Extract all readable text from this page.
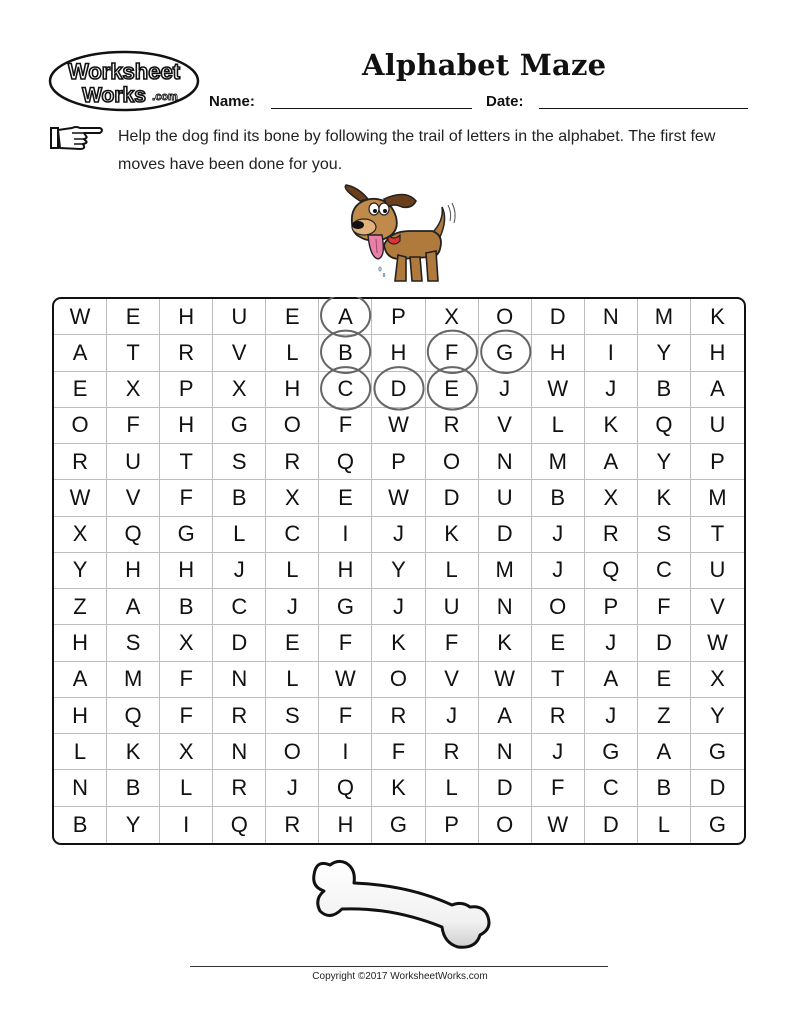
Worksheet
Works .com
Alphabet Maze
Name:	Date:
Help the dog find its bone by following the trail of letters in the alphabet. The first few moves have been done for you.
W	E	H	U	E	A	P	X	O	D	N	M	K
A	T	R	V	L	B	H	F	G	H	I	Y	H
E	X	P	X	H	C	D	E	J	W	J	B	A
O	F	H	G	O	F	W	R	V	L	K	Q	U
R	U	T	S	R	Q	P	O	N	M	A	Y	P
W	V	F	B	X	E	W	D	U	B	X	K	M
X	Q	G	L	C	I	J	K	D	J	R	S	T
Y	H	H	J	L	H	Y	L	M	J	Q	C	U
Z	A	B	C	J	G	J	U	N	O	P	F	V
H	S	X	D	E	F	K	F	K	E	J	D	W
A	M	F	N	L	W	O	V	W	T	A	E	X
H	Q	F	R	S	F	R	J	A	R	J	Z	Y
L	K	X	N	O	I	F	R	N	J	G	A	G
N	B	L	R	J	Q	K	L	D	F	C	B	D
B	Y	I	Q	R	H	G	P	O	W	D	L	G
Copyright ©2017 WorksheetWorks.com
